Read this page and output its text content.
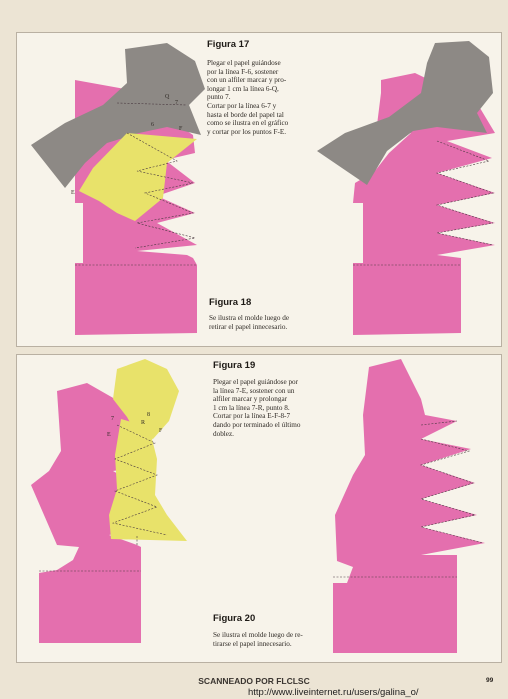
Figura 17
Plegar el papel guiándose
por la línea F-6, sostener
con un alfiler marcar y pro-
longar 1 cm la línea 6-Q,
punto 7.
Cortar por la línea 6-7 y
hasta el borde del papel tal
como se ilustra en el gráfico
y cortar por los puntos F-E.
Figura 18
Se ilustra el molde luego de
retirar el papel innecesario.
Q
7
6
F
E
Figura 19
Plegar el papel guiándose por
la línea 7-E, sostener con un
alfiler marcar y prolongar
1 cm la línea 7-R, punto 8.
Cortar por la línea E-F-8-7
dando por terminado el último
doblez.
Figura 20
Se ilustra el molde luego de re-
tirarse el papel innecesario.
7
8
R
E
F
SCANNEADO POR FLCLSC	99
http://www.liveinternet.ru/users/galina_o/
